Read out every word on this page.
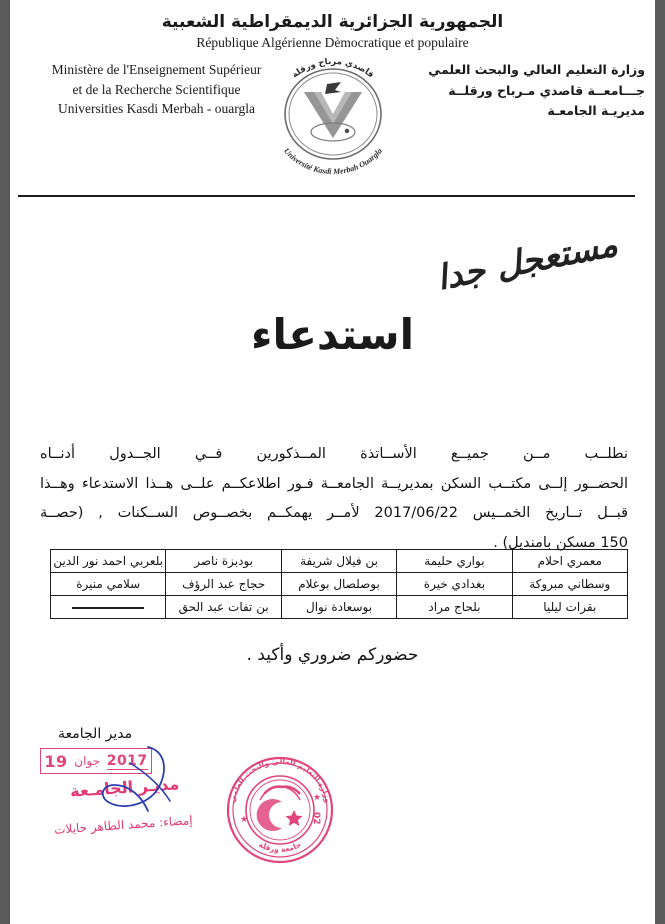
الجمهورية الجزائرية الديمقراطية الشعبية
République Algérienne Dèmocratique et populaire
Ministère de l'Enseignement Supérieur
et de la Recherche Scientifique
Universities Kasdi Merbah - ouargla
وزارة التعليم العالي والبحث العلمي
جـــامعــة قاصدي مـرباح ورقلــة
مديريـة الجامعـة
قاصدي مرباح ورقلة
Université Kasdi Merbah Ouargla
مستعجل جدا
استدعاء

نطلــب مــن جميــع الأســاتذة المــذكورين فــي الجــدول أدنــاه

الحضــور إلــى مكتــب السكن بمديريــة الجامعــة فـور اطلاعكــم علــى هــذا الاستدعاء وهــذا

قبــل تــاريخ الخمــيس 2017/06/22 لأمــر يهمكــم بخصــوص الســكنات , (حصــة

150 مسكن بامنديل) .

معمري احلام	بواري حليمة	بن فيلال شريفة	بودبزة ناصر	بلعربي احمد نور الدين
وسطاني مبروكة	بغدادي خيرة	بوصلصال بوعلام	حجاج عبد الرؤف	سلامي منيرة
بقرات ليليا	بلحاج مراد	بوسعادة نوال	بن تفات عبد الحق	
حضوركم ضروري وأكيد .
مدير الجامعة
2017
جوان
19
مديـر الجامـعة
إمضاء: محمد الطاهر حايلات
وزارة التعليم العالي والبحث العلمي
جامعة ورقلة
02
★
★
